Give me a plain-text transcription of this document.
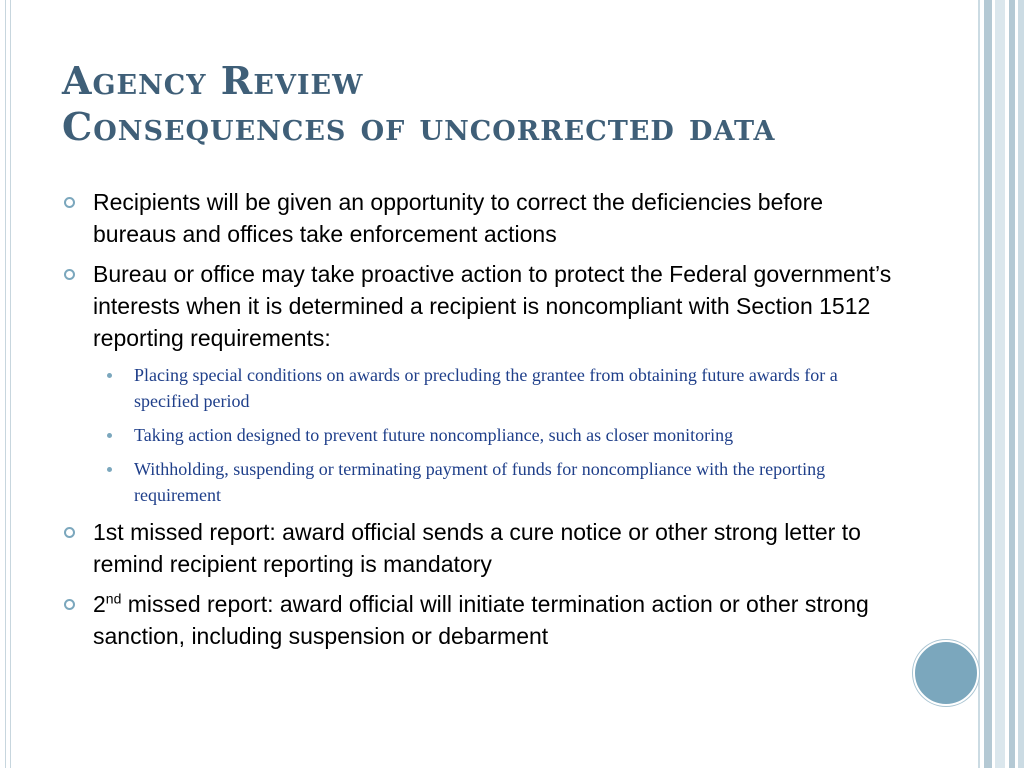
Agency Review
Consequences of uncorrected data
Recipients will be given an opportunity to correct the deficiencies before bureaus and offices take enforcement actions
Bureau or office may take proactive action to protect the Federal government’s interests when it is determined a recipient is noncompliant with Section 1512 reporting requirements:
Placing special conditions on awards or precluding the grantee from obtaining future awards for a specified period
Taking action designed to prevent future noncompliance, such as closer monitoring
Withholding, suspending or terminating payment of funds for noncompliance with the reporting requirement
1st missed report: award official sends a cure notice or other strong letter to remind recipient reporting is mandatory
2nd missed report: award official will initiate termination action or other strong sanction, including suspension or debarment
